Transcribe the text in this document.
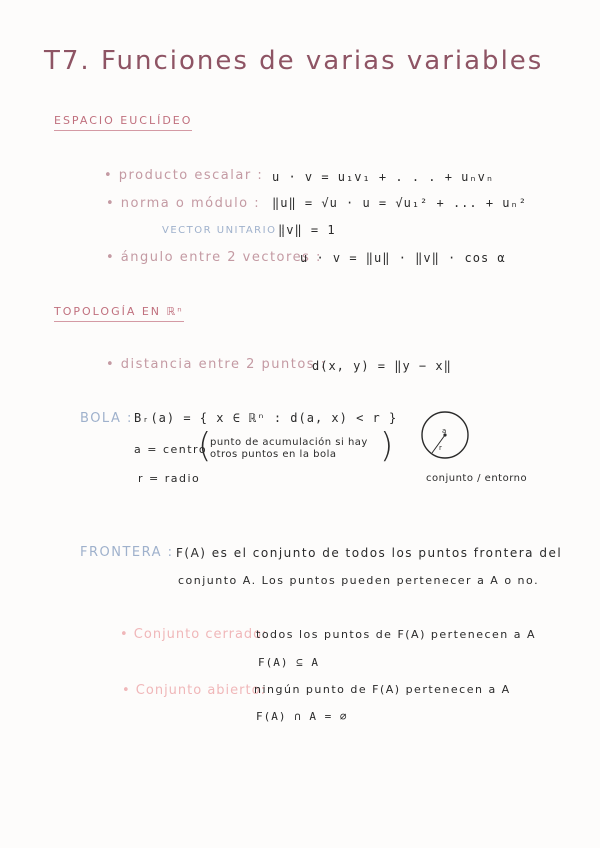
T7. Funciones de varias variables
ESPACIO EUCLÍDEO
• producto escalar : u · v = u₁v₁ + . . . + uₙvₙ
• norma o módulo : ‖u‖ = √u · u = √u₁² + ... + uₙ²
VECTOR UNITARIO :
‖v‖ = 1
• ángulo entre 2 vectores :
u · v = ‖u‖ · ‖v‖ · cos α
TOPOLOGÍA EN ℝⁿ
• distancia entre 2 puntos :
d(x, y) = ‖y − x‖
BOLA : Bᵣ(a) = { x ∈ ℝⁿ : d(a, x) < r }
a = centro
(
punto de acumulación si hay
otros puntos en la bola )
r = radio
a
r
conjunto / entorno
FRONTERA : F(A) es el conjunto de todos los puntos frontera del
conjunto A. Los puntos pueden pertenecer a A o no.
• Conjunto cerrado:
todos los puntos de F(A) pertenecen a A
F(A) ⊆ A
• Conjunto abierto:
ningún punto de F(A) pertenecen a A
F(A) ∩ A = ∅
